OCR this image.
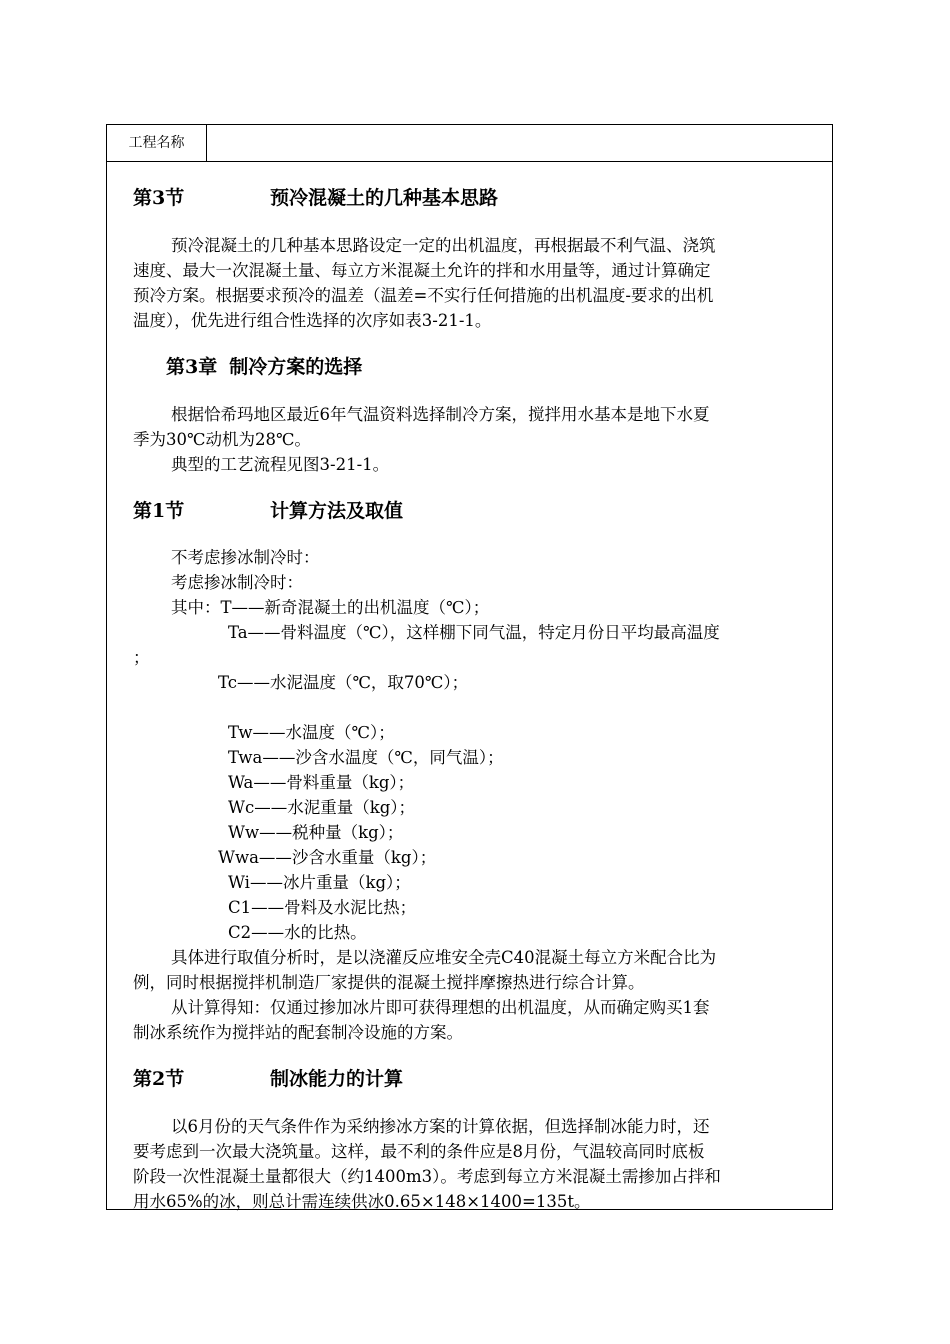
工程名称
第3节	预冷混凝土的几种基本思路
预冷混凝土的几种基本思路设定一定的出机温度，再根据最不利气温、浇筑
速度、最大一次混凝土量、每立方米混凝土允许的拌和水用量等，通过计算确定
预冷方案。根据要求预冷的温差（温差=不实行任何措施的出机温度-要求的出机
温度），优先进行组合性选择的次序如表3-21-1。
第3章 制冷方案的选择
根据恰希玛地区最近6年气温资料选择制冷方案，搅拌用水基本是地下水夏
季为30℃动机为28℃。
典型的工艺流程见图3-21-1。
第1节	计算方法及取值
不考虑掺冰制冷时：
考虑掺冰制冷时：
其中：T——新奇混凝土的出机温度（℃）；
Ta——骨料温度（℃），这样棚下同气温，特定月份日平均最高温度
；
Tc——水泥温度（℃，取70℃）；
Tw——水温度（℃）；
Twa——沙含水温度（℃，同气温）；
Wa——骨料重量（kg）；
Wc——水泥重量（kg）；
Ww——税种量（kg）；
Wwa——沙含水重量（kg）；
Wi——冰片重量（kg）；
C1——骨料及水泥比热；
C2——水的比热。
具体进行取值分析时，是以浇灌反应堆安全壳C40混凝土每立方米配合比为
例，同时根据搅拌机制造厂家提供的混凝土搅拌摩擦热进行综合计算。
从计算得知：仅通过掺加冰片即可获得理想的出机温度，从而确定购买1套
制冰系统作为搅拌站的配套制冷设施的方案。
第2节	制冰能力的计算
以6月份的天气条件作为采纳掺冰方案的计算依据，但选择制冰能力时，还
要考虑到一次最大浇筑量。这样，最不利的条件应是8月份，气温较高同时底板
阶段一次性混凝土量都很大（约1400m3）。考虑到每立方米混凝土需掺加占拌和
用水65%的冰，则总计需连续供冰0.65×148×1400=135t。
